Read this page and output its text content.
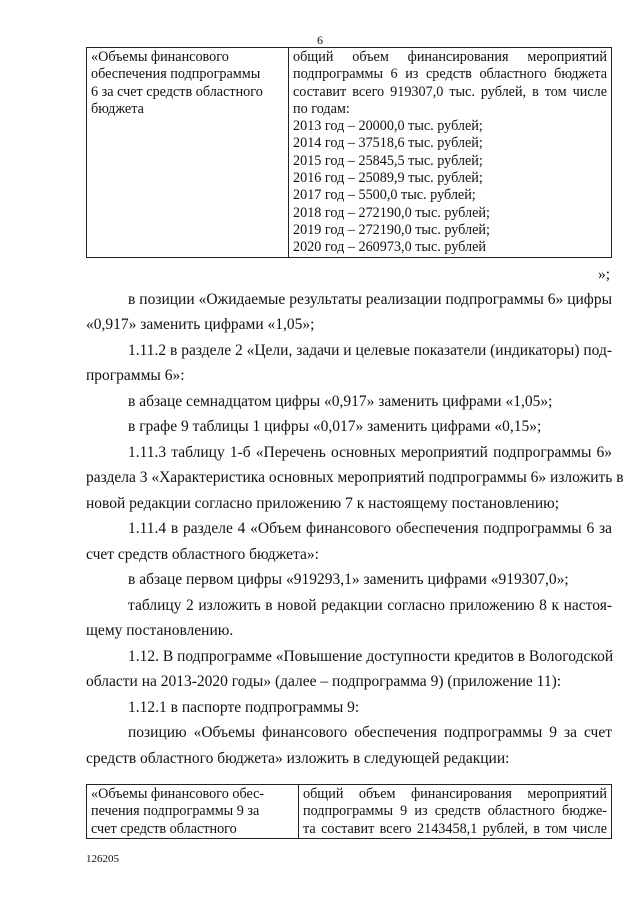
6
«Объемы финансового
обеспечения подпрограммы
6 за счет средств областного
бюджета

общий объем финансирования мероприятий
подпрограммы 6 из средств областного бюджета
составит всего 919307,0 тыс. рублей, в том числе
по годам:
2013 год – 20000,0 тыс. рублей;
2014 год – 37518,6 тыс. рублей;
2015 год – 25845,5 тыс. рублей;
2016 год – 25089,9 тыс. рублей;
2017 год – 5500,0 тыс. рублей;
2018 год – 272190,0 тыс. рублей;
2019 год – 272190,0 тыс. рублей;
2020 год – 260973,0 тыс. рублей
»;
в позиции «Ожидаемые результаты реализации подпрограммы 6» цифры
«0,917» заменить цифрами «1,05»;
1.11.2 в разделе 2 «Цели, задачи и целевые показатели (индикаторы) под-
программы 6»:
в абзаце семнадцатом цифры «0,917» заменить цифрами «1,05»;
в графе 9 таблицы 1 цифры «0,017» заменить цифрами «0,15»;
1.11.3 таблицу 1-б «Перечень основных мероприятий подпрограммы 6»
раздела 3 «Характеристика основных мероприятий подпрограммы 6» изложить в
новой редакции согласно приложению 7 к настоящему постановлению;
1.11.4 в разделе 4 «Объем финансового обеспечения подпрограммы 6 за
счет средств областного бюджета»:
в абзаце первом цифры «919293,1» заменить цифрами «919307,0»;
таблицу 2 изложить в новой редакции согласно приложению 8 к настоя-
щему постановлению.
1.12. В подпрограмме «Повышение доступности кредитов в Вологодской
области на 2013-2020 годы» (далее – подпрограмма 9) (приложение 11):
1.12.1 в паспорте подпрограммы 9:
позицию «Объемы финансового обеспечения подпрограммы 9 за счет
средств областного бюджета» изложить в следующей редакции:
«Объемы финансового обес-
печения подпрограммы 9 за
счет средств областного

общий объем финансирования мероприятий
подпрограммы 9 из средств областного бюдже-
та составит всего 2143458,1 рублей, в том числе
126205
